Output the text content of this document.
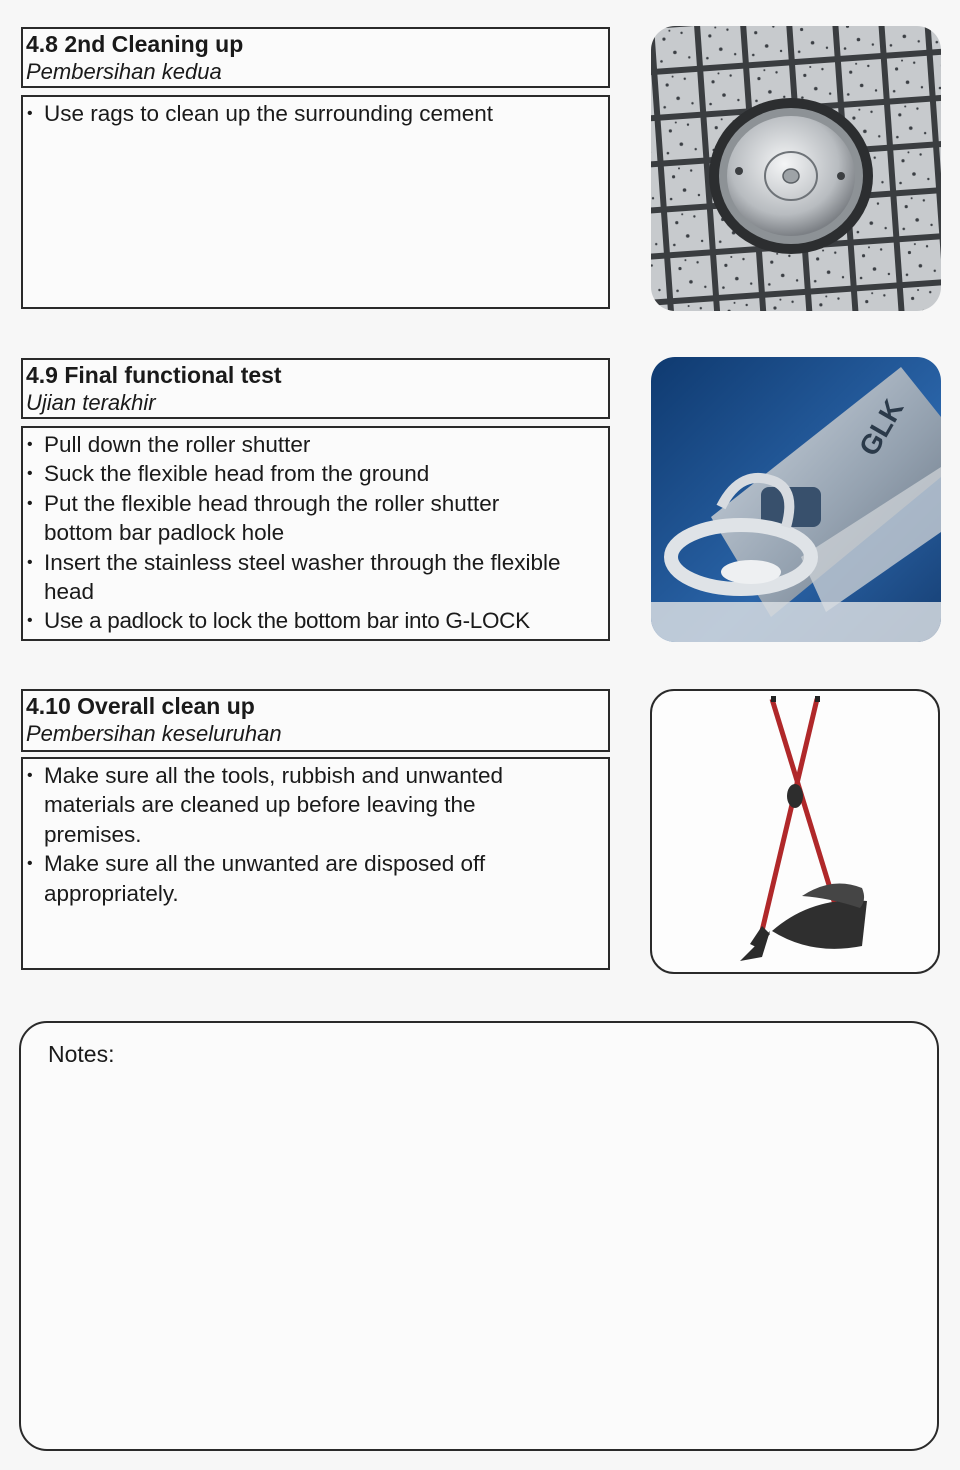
4.8 2nd Cleaning up
Pembersihan kedua
• Use rags to clean up the surrounding cement
4.9 Final functional test
Ujian terakhir
• Pull down the roller shutter
• Suck the flexible head from the ground
• Put the flexible head through the roller shutter bottom bar padlock hole
• Insert the stainless steel washer through the flexible head
• Use a padlock to lock the bottom bar into G-LOCK
GLK
4.10 Overall clean up
Pembersihan keseluruhan
• Make sure all the tools, rubbish and unwanted materials are cleaned up before leaving the premises.
• Make sure all the unwanted are disposed off appropriately.
Notes:
